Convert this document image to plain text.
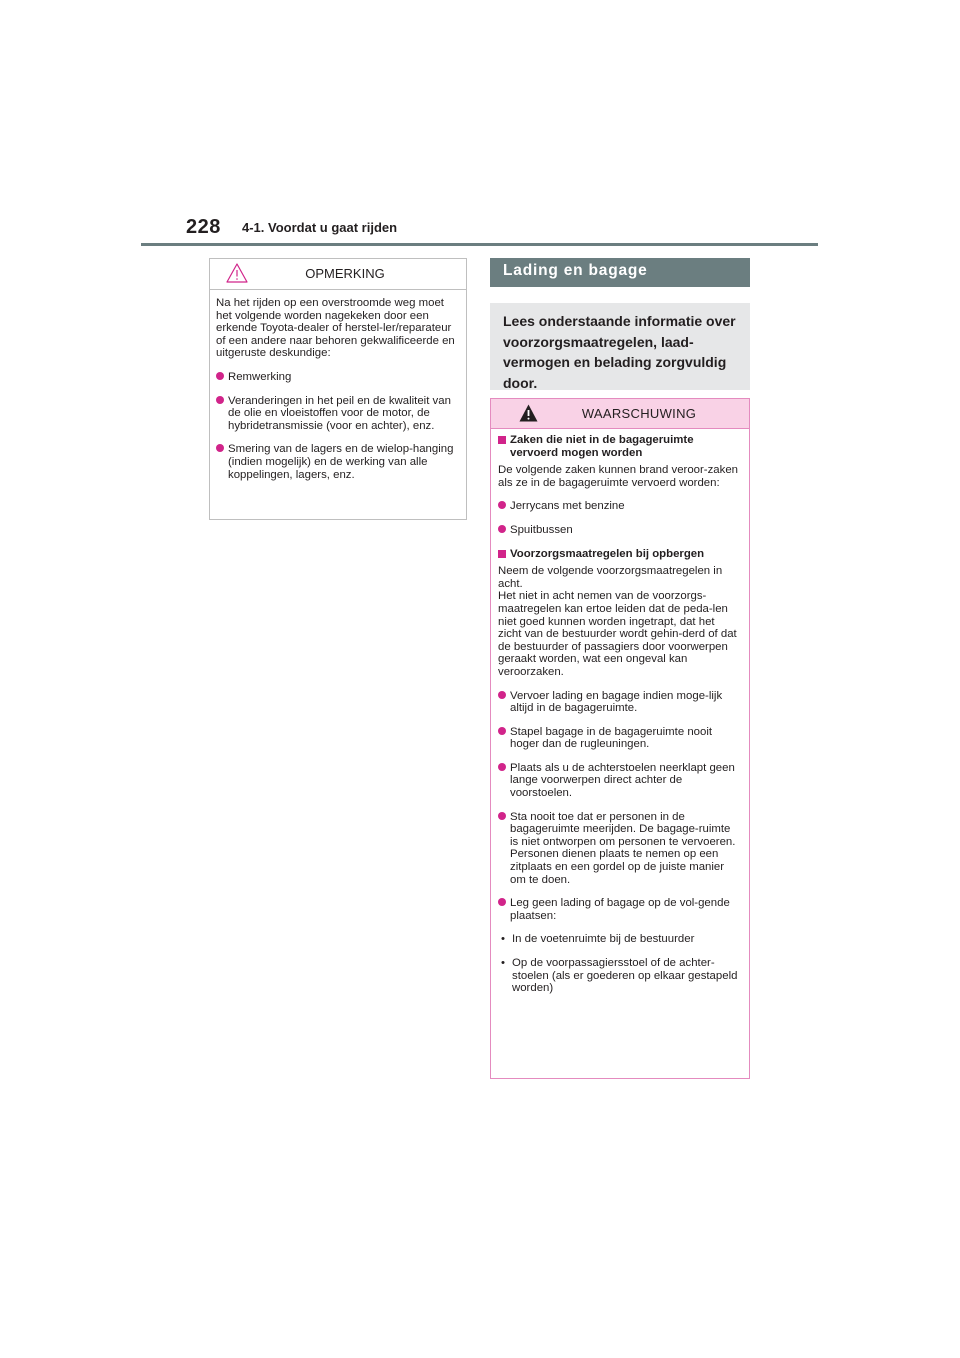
228 4-1. Voordat u gaat rijden
OPMERKING

Na het rijden op een overstroomde weg moet het volgende worden nagekeken door een erkende Toyota-dealer of herstel-ler/reparateur of een andere naar behoren gekwalificeerde en uitgeruste deskundige:

Remwerking
Veranderingen in het peil en de kwaliteit van de olie en vloeistoffen voor de motor, de hybridetransmissie (voor en achter), enz.
Smering van de lagers en de wielop-hanging (indien mogelijk) en de werking van alle koppelingen, lagers, enz.
Lading en bagage

Lees onderstaande informatie over voorzorgsmaatregelen, laad-vermogen en belading zorgvuldig door.

WAARSCHUWING
Zaken die niet in de bagageruimte vervoerd mogen worden

De volgende zaken kunnen brand veroor-zaken als ze in de bagageruimte vervoerd worden:

Jerrycans met benzine
Spuitbussen
Voorzorgsmaatregelen bij opbergen

Neem de volgende voorzorgsmaatregelen in acht.
Het niet in acht nemen van de voorzorgs-maatregelen kan ertoe leiden dat de peda-len niet goed kunnen worden ingetrapt, dat het zicht van de bestuurder wordt gehin-derd of dat de bestuurder of passagiers door voorwerpen geraakt worden, wat een ongeval kan veroorzaken.

Vervoer lading en bagage indien moge-lijk altijd in de bagageruimte.
Stapel bagage in de bagageruimte nooit hoger dan de rugleuningen.
Plaats als u de achterstoelen neerklapt geen lange voorwerpen direct achter de voorstoelen.
Sta nooit toe dat er personen in de bagageruimte meerijden. De bagage-ruimte is niet ontworpen om personen te vervoeren. Personen dienen plaats te nemen op een zitplaats en een gordel op de juiste manier om te doen.
Leg geen lading of bagage op de vol-gende plaatsen:
• In de voetenruimte bij de bestuurder
• Op de voorpassagiersstoel of de achter-stoelen (als er goederen op elkaar gestapeld worden)
